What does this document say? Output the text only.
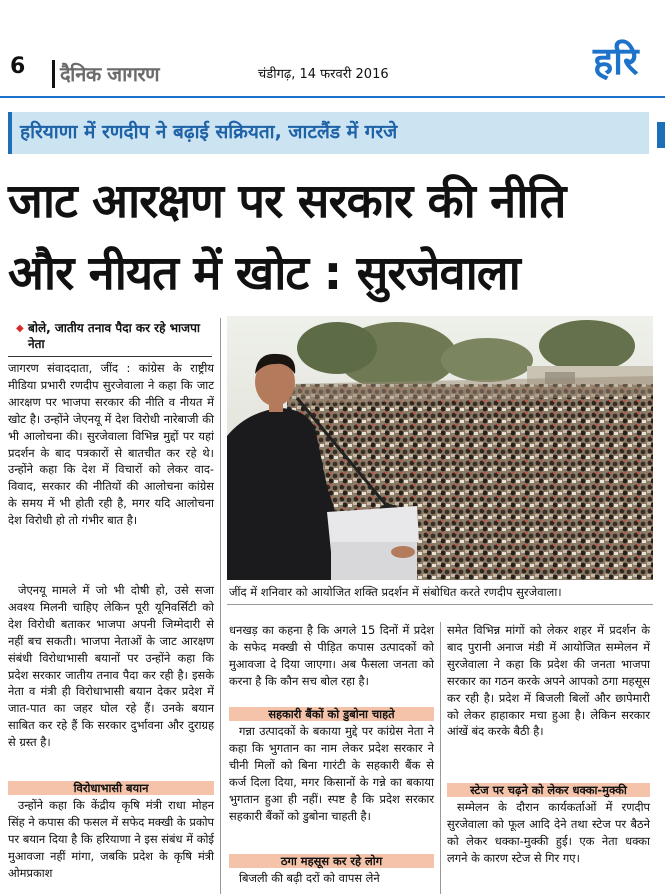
6 दैनिक जागरण	चंडीगढ़, 14 फरवरी 2016	हरि
हरियाणा में रणदीप ने बढ़ाई सक्रियता, जाटलैंड में गरजे
जाट आरक्षण पर सरकार की नीति
और नीयत में खोट : सुरजेवाला
◆ बोले, जातीय तनाव पैदा कर रहे भाजपा नेता
जागरण संवाददाता, जींद : कांग्रेस के राष्ट्रीय मीडिया प्रभारी रणदीप सुरजेवाला ने कहा कि जाट आरक्षण पर भाजपा सरकार की नीति व नीयत में खोट है। उन्होंने जेएनयू में देश विरोधी नारेबाजी की भी आलोचना की। सुरजेवाला विभिन्न मुद्दों पर यहां प्रदर्शन के बाद पत्रकारों से बातचीत कर रहे थे। उन्होंने कहा कि देश में विचारों को लेकर वाद-विवाद, सरकार की नीतियों की आलोचना कांग्रेस के समय में भी होती रही है, मगर यदि आलोचना देश विरोधी हो तो गंभीर बात है।
जेएनयू मामले में जो भी दोषी हो, उसे सजा अवश्य मिलनी चाहिए लेकिन पूरी यूनिवर्सिटी को देश विरोधी बताकर भाजपा अपनी जिम्मेदारी से नहीं बच सकती। भाजपा नेताओं के जाट आरक्षण संबंधी विरोधाभासी बयानों पर उन्होंने कहा कि प्रदेश सरकार जातीय तनाव पैदा कर रही है। इसके नेता व मंत्री ही विरोधाभासी बयान देकर प्रदेश में जात-पात का जहर घोल रहे हैं। उनके बयान साबित कर रहे हैं कि सरकार दुर्भावना और दुराग्रह से ग्रस्त है।
विरोधाभासी बयान
उन्होंने कहा कि केंद्रीय कृषि मंत्री राधा मोहन सिंह ने कपास की फसल में सफेद मक्खी के प्रकोप पर बयान दिया है कि हरियाणा ने इस संबंध में कोई मुआवजा नहीं मांगा, जबकि प्रदेश के कृषि मंत्री ओमप्रकाश
जींद में शनिवार को आयोजित शक्ति प्रदर्शन में संबोधित करते रणदीप सुरजेवाला।
धनखड़ का कहना है कि अगले 15 दिनों में प्रदेश के सफेद मक्खी से पीड़ित कपास उत्पादकों को मुआवजा दे दिया जाएगा। अब फैसला जनता को करना है कि कौन सच बोल रहा है।
सहकारी बैंकों को डुबोना चाहते
गन्ना उत्पादकों के बकाया मुद्दे पर कांग्रेस नेता ने कहा कि भुगतान का नाम लेकर प्रदेश सरकार ने चीनी मिलों को बिना गारंटी के सहकारी बैंक से कर्ज दिला दिया, मगर किसानों के गन्ने का बकाया भुगतान हुआ ही नहीं। स्पष्ट है कि प्रदेश सरकार सहकारी बैंकों को डुबोना चाहती है।
ठगा महसूस कर रहे लोग
बिजली की बढ़ी दरों को वापस लेने
समेत विभिन्न मांगों को लेकर शहर में प्रदर्शन के बाद पुरानी अनाज मंडी में आयोजित सम्मेलन में सुरजेवाला ने कहा कि प्रदेश की जनता भाजपा सरकार का गठन करके अपने आपको ठगा महसूस कर रही है। प्रदेश में बिजली बिलों और छापेमारी को लेकर हाहाकार मचा हुआ है। लेकिन सरकार आंखें बंद करके बैठी है।
स्टेज पर चढ़ने को लेकर धक्का-मुक्की
सम्मेलन के दौरान कार्यकर्ताओं में रणदीप सुरजेवाला को फूल आदि देने तथा स्टेज पर बैठने को लेकर धक्का-मुक्की हुई। एक नेता धक्का लगने के कारण स्टेज से गिर गए।
